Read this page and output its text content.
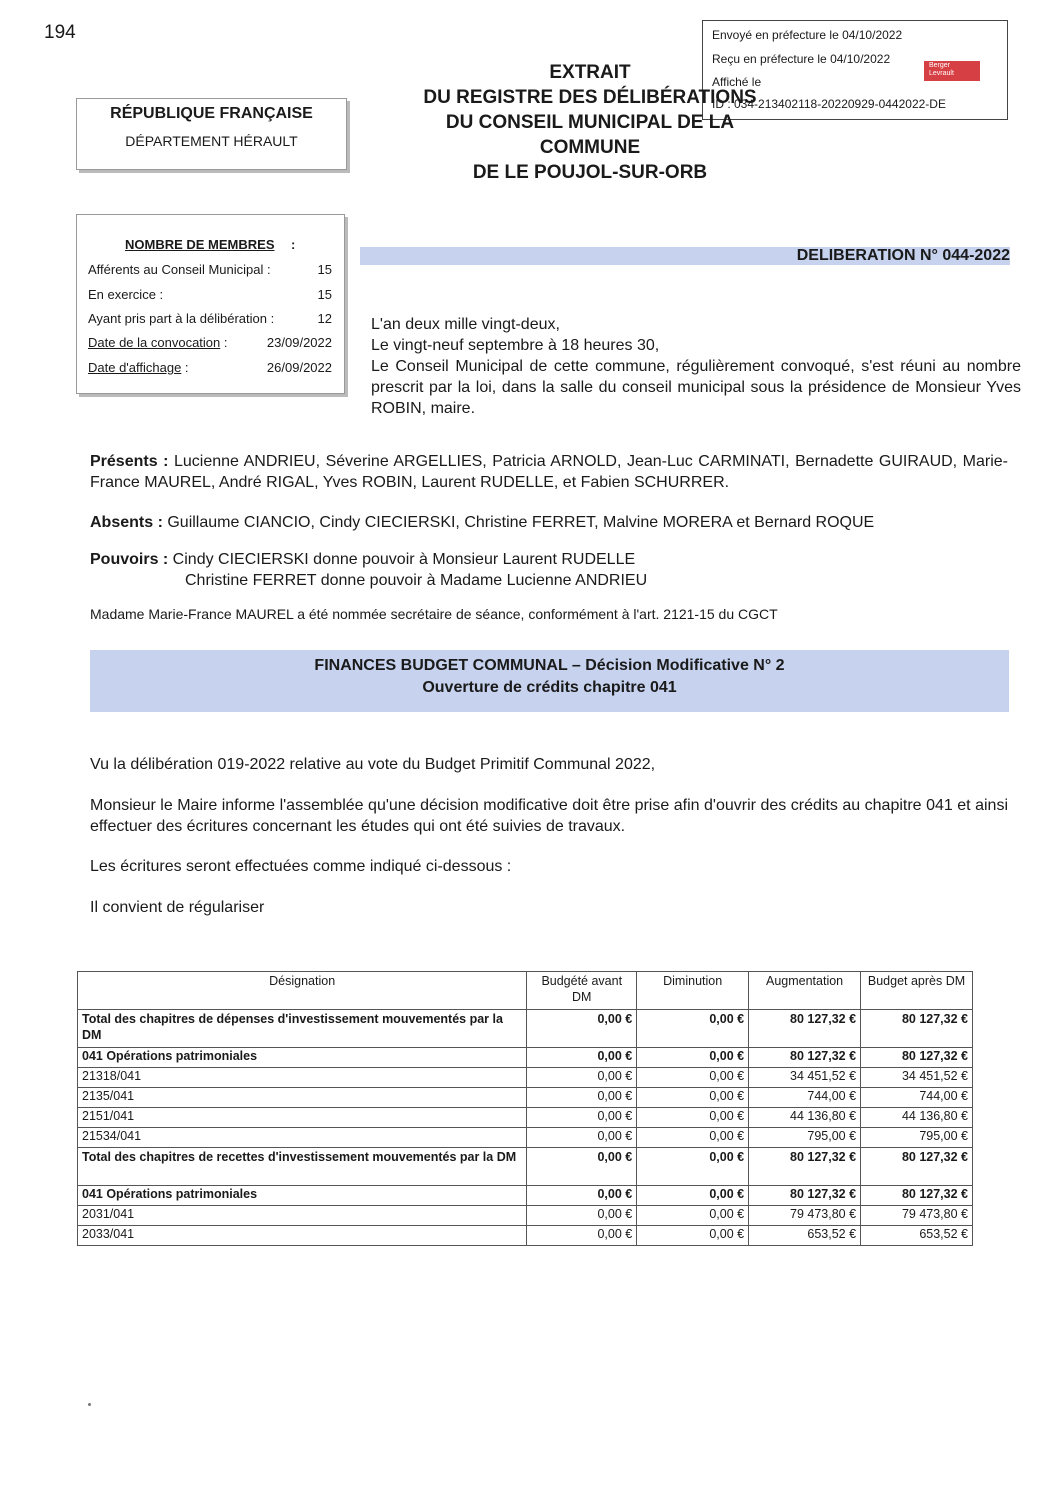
194	Envoyé en préfecture le 04/10/2022
Reçu en préfecture le 04/10/2022
Affiché le
ID : 034-213402118-20220929-0442022-DE
Berger
Levrault
RÉPUBLIQUE FRANÇAISE
DÉPARTEMENT HÉRAULT
EXTRAIT
DU REGISTRE DES DÉLIBÉRATIONS
DU CONSEIL MUNICIPAL DE LA
COMMUNE
DE LE POUJOL-SUR-ORB
NOMBRE DE MEMBRES :
Afférents au Conseil Municipal :	15
En exercice :	15
Ayant pris part à la délibération :	12
Date de la convocation :	23/09/2022
Date d'affichage :	26/09/2022
DELIBERATION N° 044-2022
L'an deux mille vingt-deux,
Le vingt-neuf septembre à 18 heures 30,
Le Conseil Municipal de cette commune, régulièrement convoqué, s'est réuni au nombre prescrit par la loi, dans la salle du conseil municipal sous la présidence de Monsieur Yves ROBIN, maire.
Présents : Lucienne ANDRIEU, Séverine ARGELLIES, Patricia ARNOLD, Jean-Luc CARMINATI, Bernadette GUIRAUD, Marie-France MAUREL, André RIGAL, Yves ROBIN, Laurent RUDELLE, et Fabien SCHURRER.
Absents : Guillaume CIANCIO, Cindy CIECIERSKI, Christine FERRET, Malvine MORERA et Bernard ROQUE
Pouvoirs : Cindy CIECIERSKI donne pouvoir à Monsieur Laurent RUDELLE
Christine FERRET donne pouvoir à Madame Lucienne ANDRIEU
Madame Marie-France MAUREL a été nommée secrétaire de séance, conformément à l'art. 2121-15 du CGCT
FINANCES BUDGET COMMUNAL – Décision Modificative N° 2
Ouverture de crédits chapitre 041
Vu la délibération 019-2022 relative au vote du Budget Primitif Communal 2022,
Monsieur le Maire informe l'assemblée qu'une décision modificative doit être prise afin d'ouvrir des crédits au chapitre 041 et ainsi effectuer des écritures concernant les études qui ont été suivies de travaux.
Les écritures seront effectuées comme indiqué ci-dessous :
Il convient de régulariser
Désignation	Budgété avant DM	Diminution	Augmentation	Budget après DM
Total des chapitres de dépenses d'investissement mouvementés par la DM	0,00 €	0,00 €	80 127,32 €	80 127,32 €
041 Opérations patrimoniales	0,00 €	0,00 €	80 127,32 €	80 127,32 €
21318/041	0,00 €	0,00 €	34 451,52 €	34 451,52 €
2135/041	0,00 €	0,00 €	744,00 €	744,00 €
2151/041	0,00 €	0,00 €	44 136,80 €	44 136,80 €
21534/041	0,00 €	0,00 €	795,00 €	795,00 €
Total des chapitres de recettes d'investissement mouvementés par la DM	0,00 €	0,00 €	80 127,32 €	80 127,32 €
041 Opérations patrimoniales	0,00 €	0,00 €	80 127,32 €	80 127,32 €
2031/041	0,00 €	0,00 €	79 473,80 €	79 473,80 €
2033/041	0,00 €	0,00 €	653,52 €	653,52 €
